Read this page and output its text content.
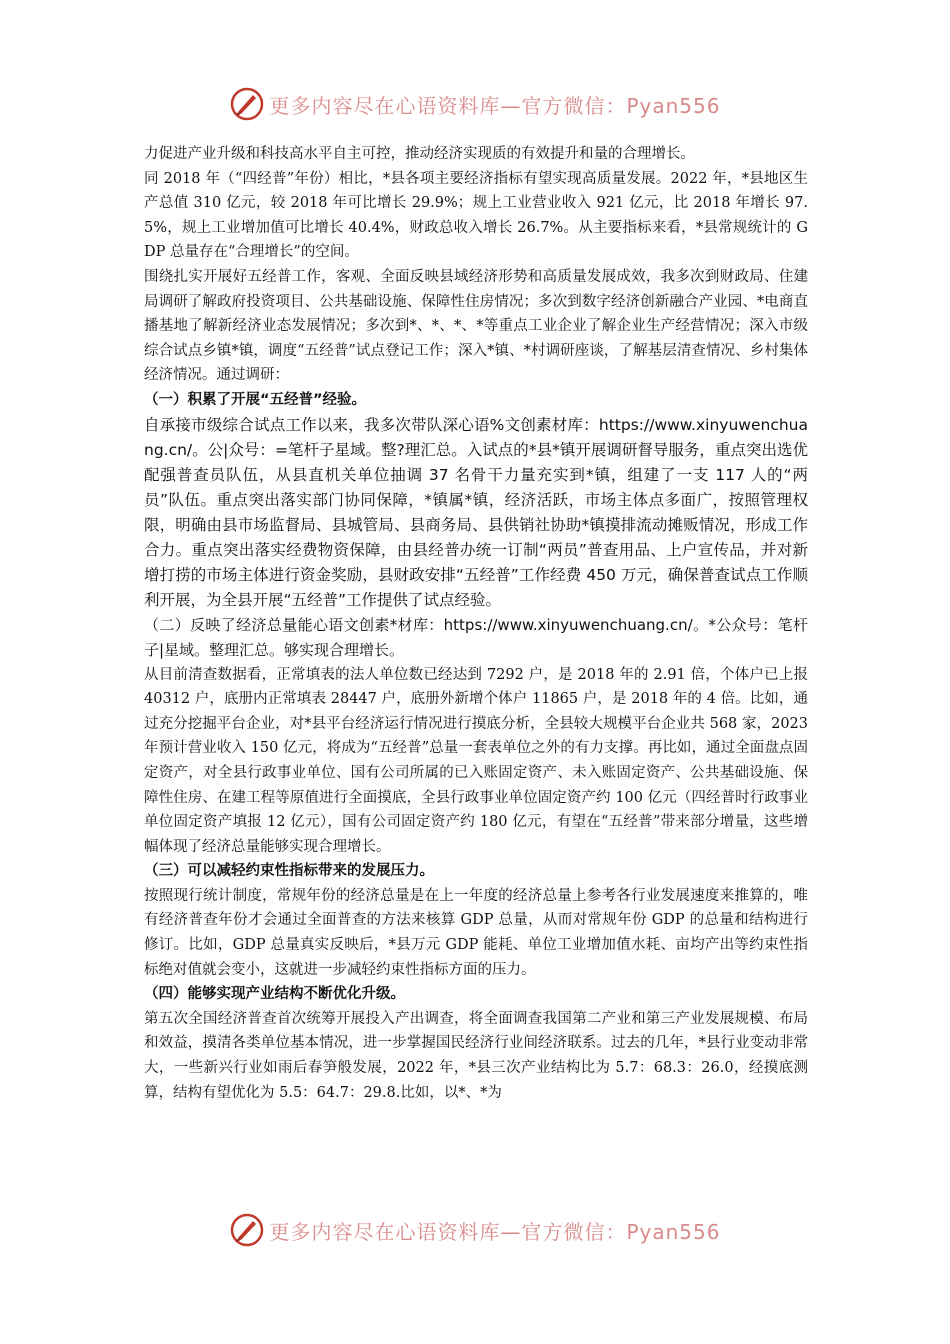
更多内容尽在心语资料库—官方微信：Pyan556

力促进产业升级和科技高水平自主可控，推动经济实现质的有效提升和量的合理增长。

同 2018 年（“四经普”年份）相比，*县各项主要经济指标有望实现高质量发展。2022 年，*县地区生产总值 310 亿元，较 2018 年可比增长 29.9%；规上工业营业收入 921 亿元，比 2018 年增长 97.5%，规上工业增加值可比增长 40.4%，财政总收入增长 26.7%。从主要指标来看，*县常规统计的 GDP 总量存在“合理增长”的空间。

围绕扎实开展好五经普工作，客观、全面反映县域经济形势和高质量发展成效，我多次到财政局、住建局调研了解政府投资项目、公共基础设施、保障性住房情况；多次到数字经济创新融合产业园、*电商直播基地了解新经济业态发展情况；多次到*、*、*、*等重点工业企业了解企业生产经营情况；深入市级综合试点乡镇*镇，调度“五经普”试点登记工作；深入*镇、*村调研座谈，了解基层清查情况、乡村集体经济情况。通过调研：

（一）积累了开展“五经普”经验。

自承接市级综合试点工作以来，我多次带队深心语%文创素材库：https://www.xinyuwenchuang.cn/。公|众号：=笔杆子星域。整?理汇总。入试点的*县*镇开展调研督导服务，重点突出选优配强普查员队伍，从县直机关单位抽调 37 名骨干力量充实到*镇，组建了一支 117 人的“两员”队伍。重点突出落实部门协同保障，*镇属*镇，经济活跃，市场主体点多面广，按照管理权限，明确由县市场监督局、县城管局、县商务局、县供销社协助*镇摸排流动摊贩情况，形成工作合力。重点突出落实经费物资保障，由县经普办统一订制“两员”普查用品、上户宣传品，并对新增打捞的市场主体进行资金奖励，县财政安排“五经普”工作经费 450 万元，确保普查试点工作顺利开展，为全县开展“五经普”工作提供了试点经验。

（二）反映了经济总量能心语文创素*材库：https://www.xinyuwenchuang.cn/。*公众号：笔杆子|星域。整理汇总。够实现合理增长。

从目前清查数据看，正常填表的法人单位数已经达到 7292 户，是 2018 年的 2.91 倍，个体户已上报 40312 户，底册内正常填表 28447 户，底册外新增个体户 11865 户，是 2018 年的 4 倍。比如，通过充分挖掘平台企业，对*县平台经济运行情况进行摸底分析，全县较大规模平台企业共 568 家，2023 年预计营业收入 150 亿元，将成为“五经普”总量一套表单位之外的有力支撑。再比如，通过全面盘点固定资产，对全县行政事业单位、国有公司所属的已入账固定资产、未入账固定资产、公共基础设施、保障性住房、在建工程等原值进行全面摸底，全县行政事业单位固定资产约 100 亿元（四经普时行政事业单位固定资产填报 12 亿元），国有公司固定资产约 180 亿元，有望在“五经普”带来部分增量，这些增幅体现了经济总量能够实现合理增长。

（三）可以减轻约束性指标带来的发展压力。

按照现行统计制度，常规年份的经济总量是在上一年度的经济总量上参考各行业发展速度来推算的，唯有经济普查年份才会通过全面普查的方法来核算 GDP 总量，从而对常规年份 GDP 的总量和结构进行修订。比如，GDP 总量真实反映后，*县万元 GDP 能耗、单位工业增加值水耗、亩均产出等约束性指标绝对值就会变小，这就进一步减轻约束性指标方面的压力。

（四）能够实现产业结构不断优化升级。

第五次全国经济普查首次统筹开展投入产出调查，将全面调查我国第二产业和第三产业发展规模、布局和效益，摸清各类单位基本情况，进一步掌握国民经济行业间经济联系。过去的几年，*县行业变动非常大，一些新兴行业如雨后春笋般发展，2022 年，*县三次产业结构比为 5.7：68.3：26.0，经摸底测算，结构有望优化为 5.5：64.7：29.8.比如，以*、*为

更多内容尽在心语资料库—官方微信：Pyan556
